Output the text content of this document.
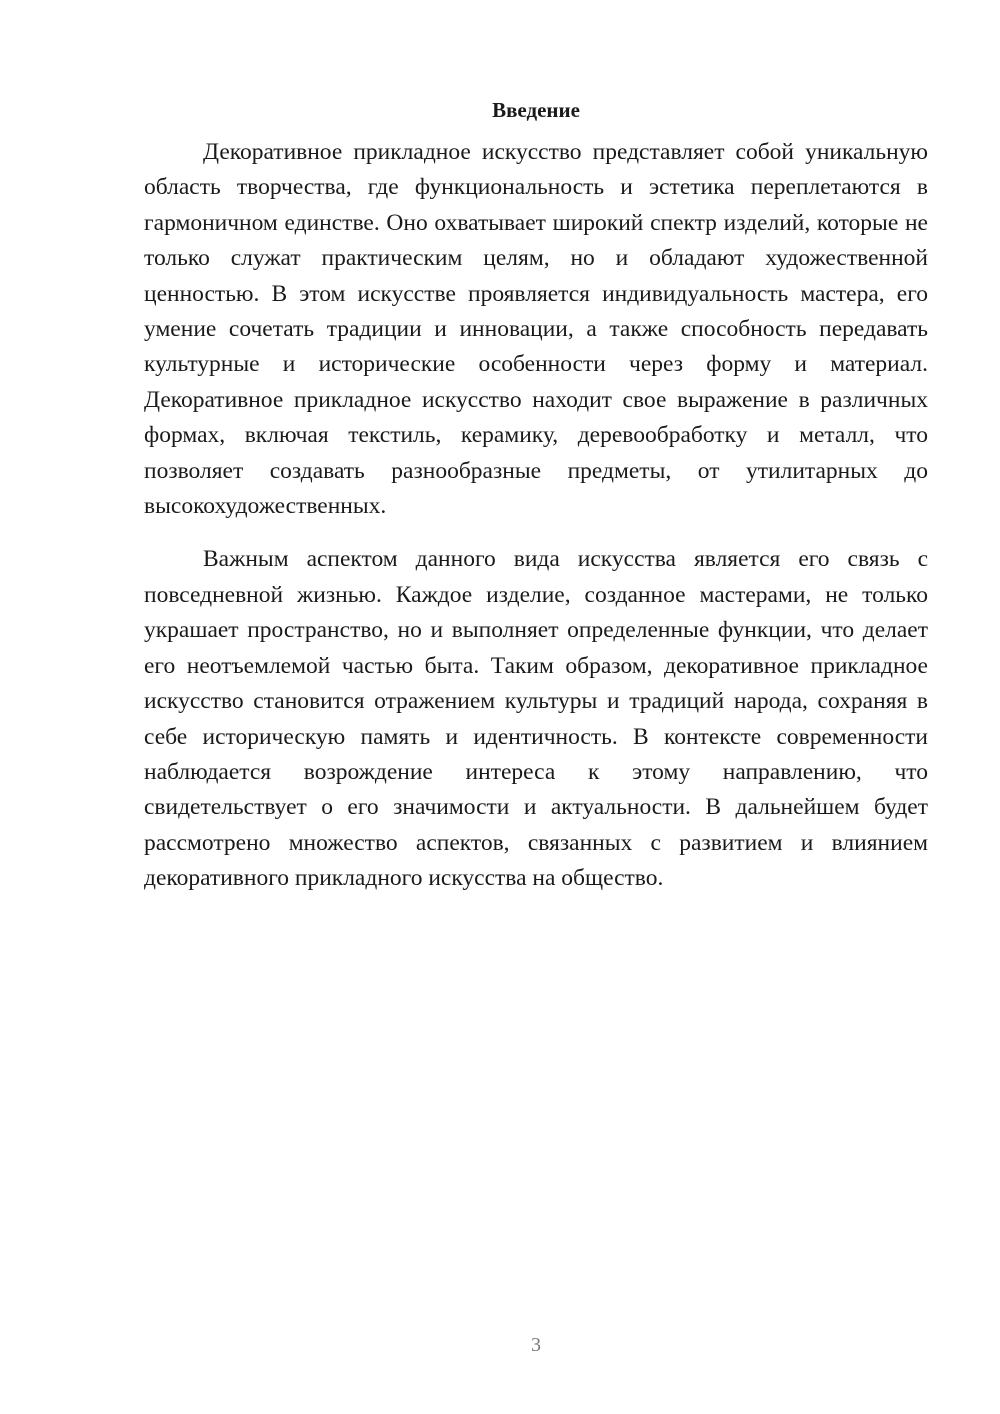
Введение

Декоративное прикладное искусство представляет собой уникальную область творчества, где функциональность и эстетика переплетаются в гармоничном единстве. Оно охватывает широкий спектр изделий, которые не только служат практическим целям, но и обладают художественной ценностью. В этом искусстве проявляется индивидуальность мастера, его умение сочетать традиции и инновации, а также способность передавать культурные и исторические особенности через форму и материал. Декоративное прикладное искусство находит свое выражение в различных формах, включая текстиль, керамику, деревообработку и металл, что позволяет создавать разнообразные предметы, от утилитарных до высокохудожественных.

Важным аспектом данного вида искусства является его связь с повседневной жизнью. Каждое изделие, созданное мастерами, не только украшает пространство, но и выполняет определенные функции, что делает его неотъемлемой частью быта. Таким образом, декоративное прикладное искусство становится отражением культуры и традиций народа, сохраняя в себе историческую память и идентичность. В контексте современности наблюдается возрождение интереса к этому направлению, что свидетельствует о его значимости и актуальности. В дальнейшем будет рассмотрено множество аспектов, связанных с развитием и влиянием декоративного прикладного искусства на общество.

3
